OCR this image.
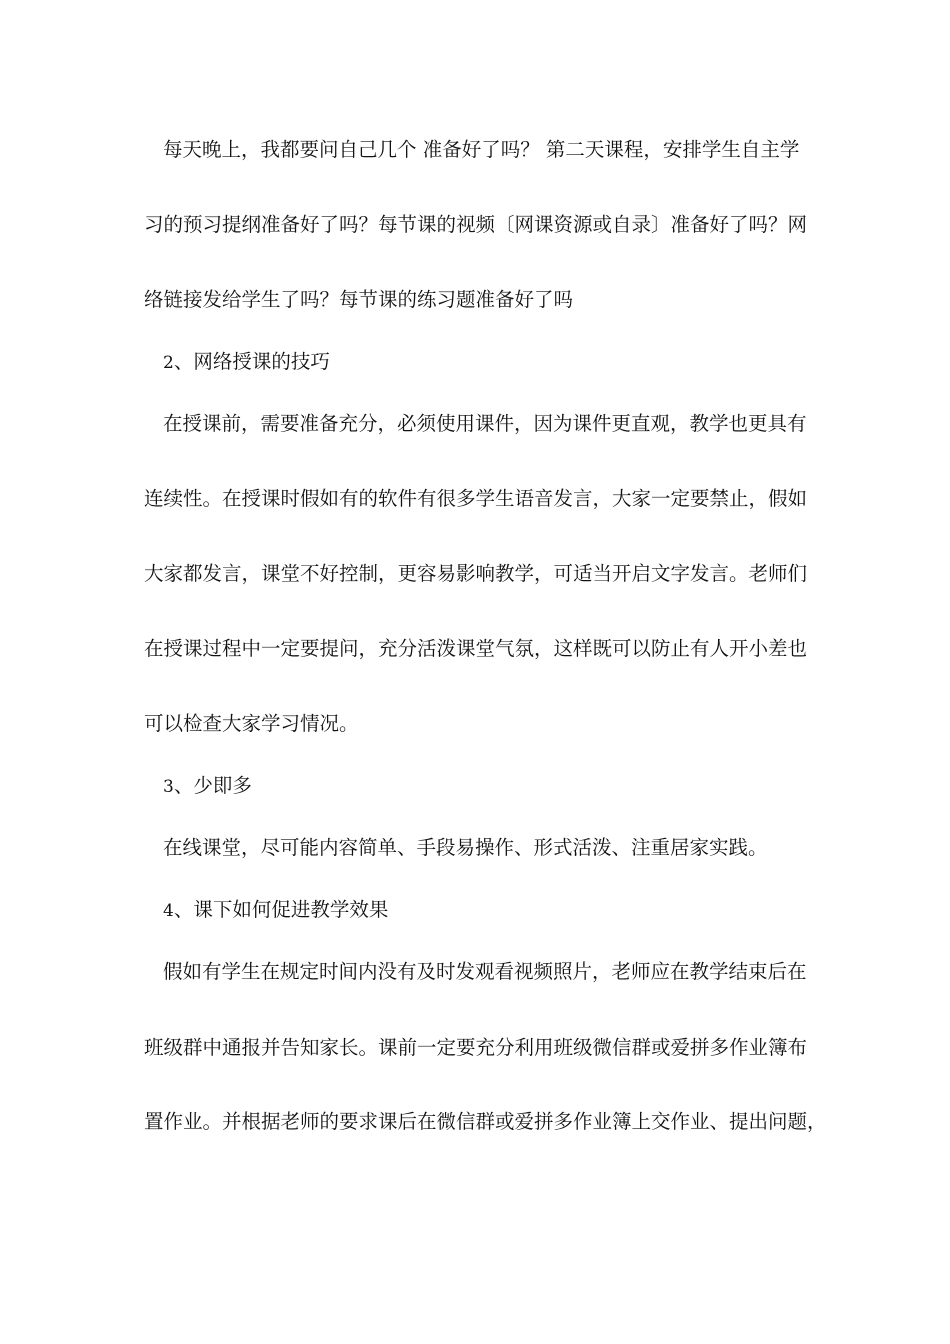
每天晚上，我都要问自己几个 准备好了吗？ 第二天课程，安排学生自主学
习的预习提纲准备好了吗？每节课的视频〔网课资源或自录〕准备好了吗？网
络链接发给学生了吗？每节课的练习题准备好了吗
2、网络授课的技巧
在授课前，需要准备充分，必须使用课件，因为课件更直观，教学也更具有
连续性。在授课时假如有的软件有很多学生语音发言，大家一定要禁止，假如
大家都发言，课堂不好控制，更容易影响教学，可适当开启文字发言。老师们
在授课过程中一定要提问，充分活泼课堂气氛，这样既可以防止有人开小差也
可以检查大家学习情况。
3、少即多
在线课堂，尽可能内容简单、手段易操作、形式活泼、注重居家实践。
4、课下如何促进教学效果
假如有学生在规定时间内没有及时发观看视频照片，老师应在教学结束后在
班级群中通报并告知家长。课前一定要充分利用班级微信群或爱拼多作业簿布
置作业。并根据老师的要求课后在微信群或爱拼多作业簿上交作业、提出问题，
